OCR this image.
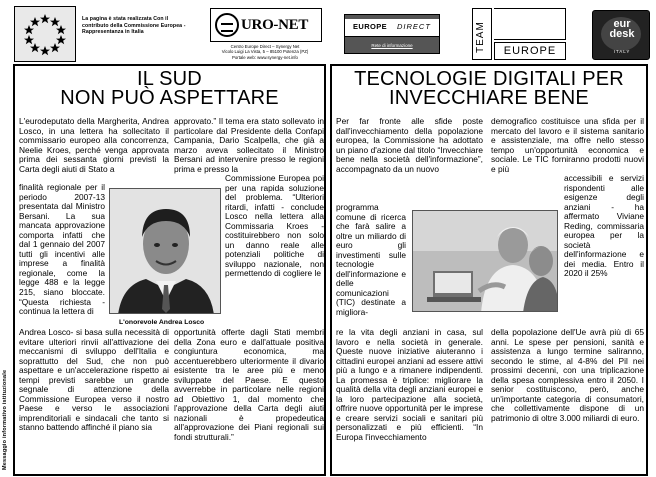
La pagina è stata realizzata Con il contributo della Commissione Europea - Rappresentanza in Italia	URO-NET
Centro Europe Direct – Synergy Net
Vicolo Luigi La Vista, 5 – 85100 Potenza (PZ)
Portale web: www.synergy-net.info
EUROPE DIRECT
Rete di informazione	TEAM	EUROPE
eur
desk
ITALY
Messaggio informativo istituzionale
IL SUD
NON PUÒ ASPETTARE
L'eurodeputato della Margherita, Andrea Losco, in una lettera ha sollecitato il commissario europeo alla concorrenza, Neelie Kroes, perché venga approvata prima dei sessanta giorni previsti la Carta degli aiuti di Stato a
finalità regionale per il periodo 2007-13 presentata dal Ministro Bersani. La sua mancata approvazione comporta infatti che dal 1 gennaio del 2007 tutti gli incentivi alle imprese a finalità regionale, come la legge 488 e la legge 215, siano bloccate. “Questa richiesta - continua la lettera di
Andrea Losco- si basa sulla necessità di evitare ulteriori rinvii all'attivazione dei meccanismi di sviluppo dell'Italia e soprattutto del Sud, che non può aspettare e un'accelerazione rispetto ai tempi previsti sarebbe un grande segnale di attenzione della Commissione Europea verso il nostro Paese e verso le associazioni imprenditoriali e sindacali che tanto si stanno battendo affinché il piano sia
L'onorevole Andrea Losco
approvato.” Il tema era stato sollevato in particolare dal Presidente della Confapi Campania, Dario Scalpella, che già a marzo aveva sollecitato il Ministro Bersani ad intervenire presso le regioni prima e presso la
Commissione Europea poi per una rapida soluzione del problema. “Ulteriori ritardi, infatti - conclude Losco nella lettera alla Commissaria Kroes - costituirebbero non solo un danno reale alle potenziali politiche di sviluppo nazionale, non permettendo di cogliere le
opportunità offerte dagli Stati membri della Zona euro e dall'attuale positiva congiuntura economica, ma accentuerebbero ulteriormente il divario esistente tra le aree più e meno sviluppate del Paese. E questo avverrebbe in particolare nelle regioni ad Obiettivo 1, dal momento che l'approvazione della Carta degli aiuti nazionali è propedeutica all'approvazione dei Piani regionali sui fondi strutturali.”
TECNOLOGIE DIGITALI PER
INVECCHIARE BENE
Per far fronte alle sfide poste dall'invecchiamento della popolazione europea, la Commissione ha adottato un piano d'azione dal titolo “Invecchiare bene nella società dell'informazione”, accompagnato da un nuovo
programma comune di ricerca che farà salire a oltre un miliardo di euro gli investimenti sulle tecnologie dell'informazione e delle comunicazioni (TIC) destinate a migliora-
re la vita degli anziani in casa, sul lavoro e nella società in generale. Queste nuove iniziative aiuteranno i cittadini europei anziani ad essere attivi più a lungo e a rimanere indipendenti. La promessa è triplice: migliorare la qualità della vita degli anziani europei e la loro partecipazione alla società, offrire nuove opportunità per le imprese e creare servizi sociali e sanitari più personalizzati e più efficienti. “In Europa l'invecchiamento
demografico costituisce una sfida per il mercato del lavoro e il sistema sanitario e assistenziale, ma offre nello stesso tempo un'opportunità economica e sociale. Le TIC forniranno prodotti nuovi e più
accessibili e servizi rispondenti alle esigenze degli anziani - ha affermato Viviane Reding, commissaria europea per la società dell'informazione e dei media. Entro il 2020 il 25%
della popolazione dell'Ue avrà più di 65 anni. Le spese per pensioni, sanità e assistenza a lungo termine saliranno, secondo le stime, al 4-8% del Pil nei prossimi decenni, con una triplicazione della spesa complessiva entro il 2050. I senior costituiscono, però, anche un'importante categoria di consumatori, che collettivamente dispone di un patrimonio di oltre 3.000 miliardi di euro.
